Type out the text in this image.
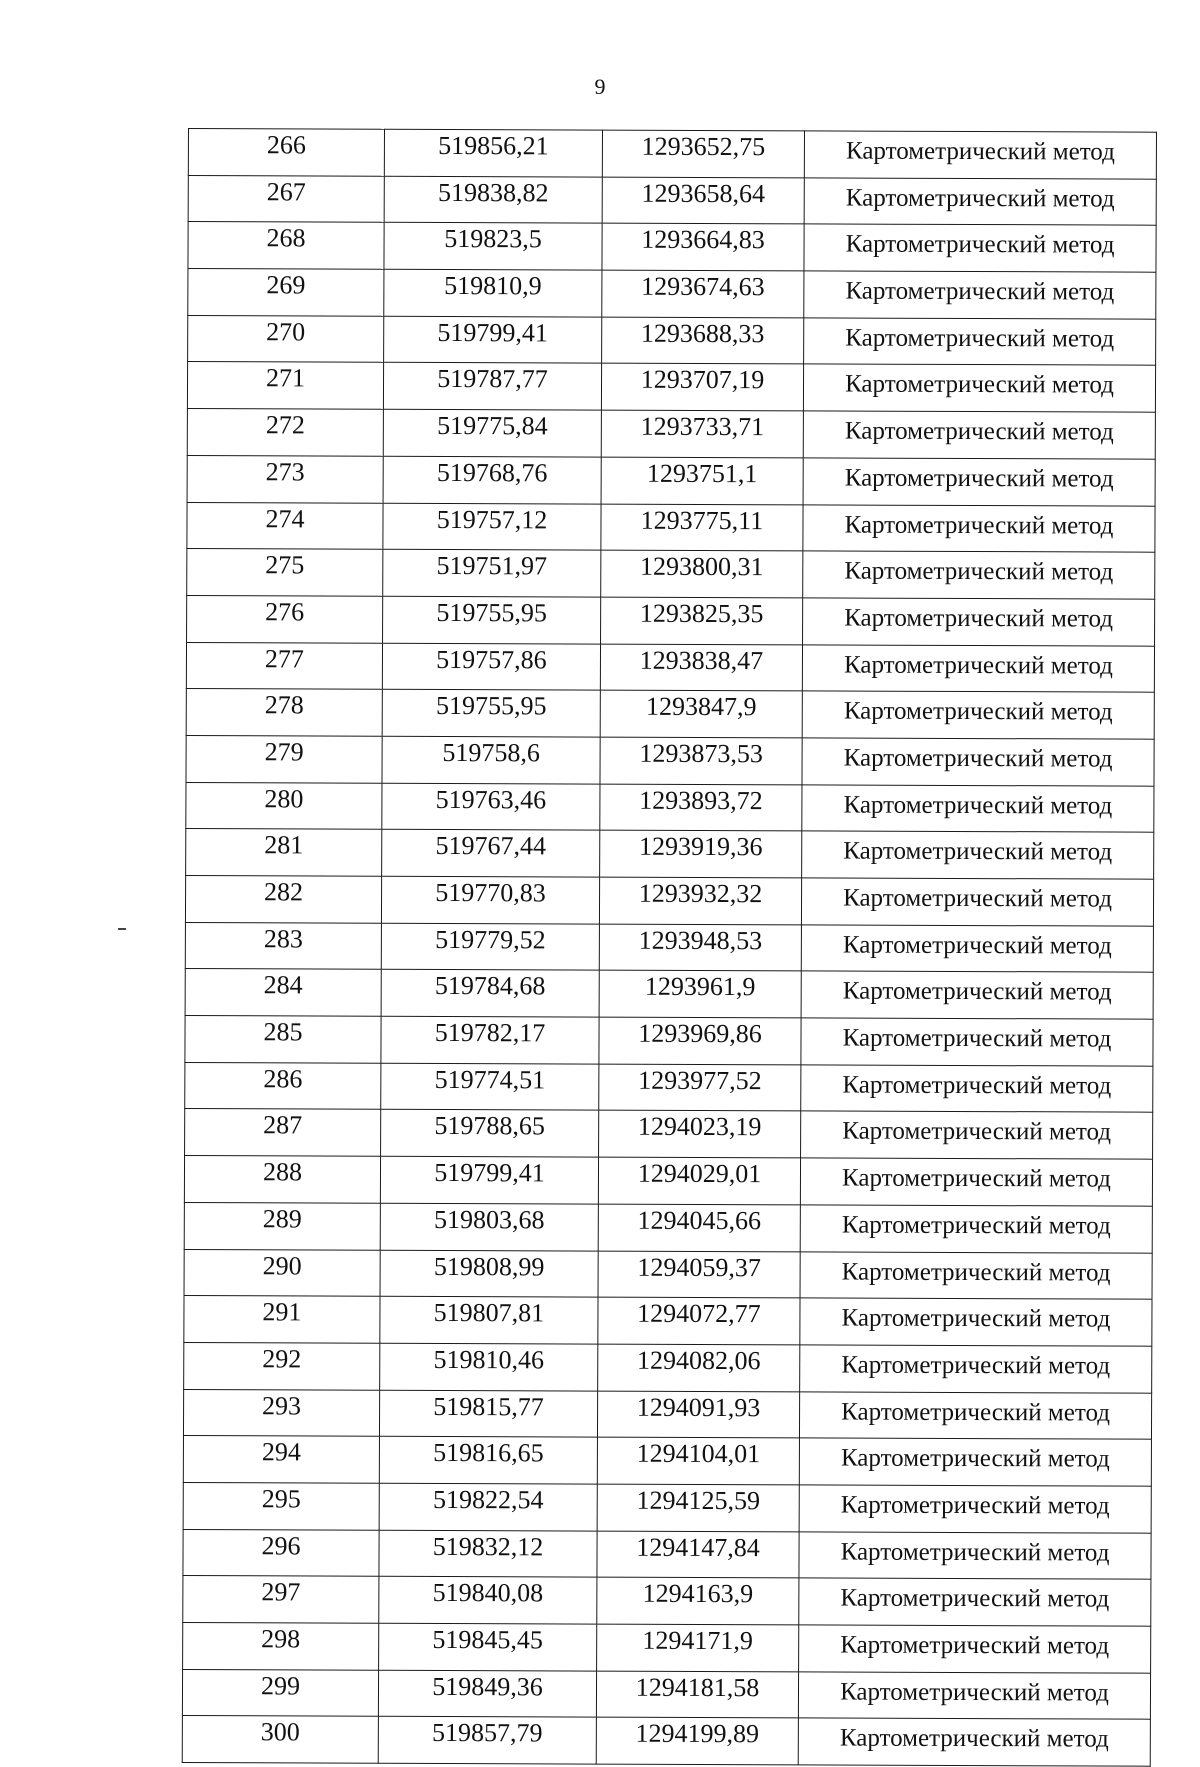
9
266	519856,21	1293652,75	Картометрический метод
267	519838,82	1293658,64	Картометрический метод
268	519823,5	1293664,83	Картометрический метод
269	519810,9	1293674,63	Картометрический метод
270	519799,41	1293688,33	Картометрический метод
271	519787,77	1293707,19	Картометрический метод
272	519775,84	1293733,71	Картометрический метод
273	519768,76	1293751,1	Картометрический метод
274	519757,12	1293775,11	Картометрический метод
275	519751,97	1293800,31	Картометрический метод
276	519755,95	1293825,35	Картометрический метод
277	519757,86	1293838,47	Картометрический метод
278	519755,95	1293847,9	Картометрический метод
279	519758,6	1293873,53	Картометрический метод
280	519763,46	1293893,72	Картометрический метод
281	519767,44	1293919,36	Картометрический метод
282	519770,83	1293932,32	Картометрический метод
283	519779,52	1293948,53	Картометрический метод
284	519784,68	1293961,9	Картометрический метод
285	519782,17	1293969,86	Картометрический метод
286	519774,51	1293977,52	Картометрический метод
287	519788,65	1294023,19	Картометрический метод
288	519799,41	1294029,01	Картометрический метод
289	519803,68	1294045,66	Картометрический метод
290	519808,99	1294059,37	Картометрический метод
291	519807,81	1294072,77	Картометрический метод
292	519810,46	1294082,06	Картометрический метод
293	519815,77	1294091,93	Картометрический метод
294	519816,65	1294104,01	Картометрический метод
295	519822,54	1294125,59	Картометрический метод
296	519832,12	1294147,84	Картометрический метод
297	519840,08	1294163,9	Картометрический метод
298	519845,45	1294171,9	Картометрический метод
299	519849,36	1294181,58	Картометрический метод
300	519857,79	1294199,89	Картометрический метод
